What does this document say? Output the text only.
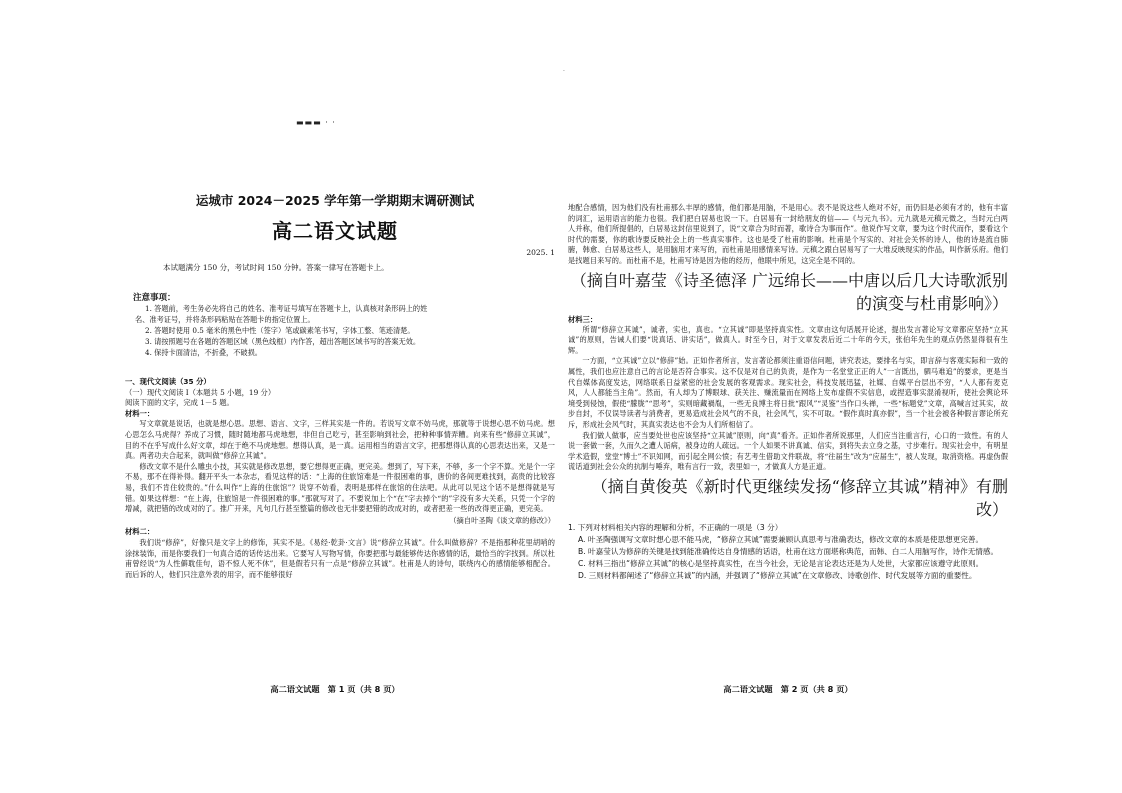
▬▬▬ · ·
·
运城市 2024－2025 学年第一学期期末调研测试
高二语文试题
2025. 1
本试题满分 150 分，考试时间 150 分钟。答案一律写在答题卡上。
注意事项：
1. 答题前，考生务必先将自己的姓名、准考证号填写在答题卡上，认真核对条形码上的姓
名、准考证号，并将条形码粘贴在答题卡的指定位置上。
2. 答题时使用 0.5 毫米的黑色中性（签字）笔或碳素笔书写，字体工整、笔迹清楚。
3. 请按照题号在各题的答题区域（黑色线框）内作答，超出答题区域书写的答案无效。
4. 保持卡面清洁，不折叠，不破损。
一、现代文阅读（35 分）
（一）现代文阅读 I（本题共 5 小题，19 分）
阅读下面的文字，完成 1－5 题。
材料一：

写文章就是说话，也就是想心思。思想、语言、文字，三样其实是一件的。若说写文章不妨马虎，那就等于说想心思不妨马虎。想心思怎么马虎得？养成了习惯，随时随地都马虎地想，非但自己吃亏，甚至影响到社会，把种种事情弄糟。向来有些“修辞立其诚”，目的不在乎写成什么好文章，却在于绝不马虎地想。想得认真，是一真。运用相当的语言文字，把那想得认真的心思表达出来，又是一真。两者功夫合起来，就叫做“修辞立其诚”。

修改文章不是什么雕虫小技，其实就是修改思想，要它想得更正确，更完美。想到了，写下来，不够，多一个字不算。光是个一字不易，那不在得补得。翻开平头一本杂志，看见这样的话：“上海的住旅馆难是一件很困难的事，唐价的各间更难找到，高贵的比较容易，我们不肯住较贵的。”什么叫作“上海的住旅馆”？说穿不妨看，表明是那样在旅馆的住法吧。从此可以见这个话不是想得就是写错。如果这样想：“在上海，住旅馆是一件很困难的事。”那就写对了。不要说加上个“在”字去掉个“的”字没有多大关系，只凭一个字的增减，就把错的改成对的了。推广开来，凡句几行甚至整篇的修改也无非要把错的改成对的，或者把差一些的改得更正确，更完美。

（摘自叶圣陶《谈文章的修改》）
材料二：

我们说“修辞”，好像只是文字上的修饰，其实不是。《易经·乾卦·文言》说“修辞立其诚”。什么叫做修辞？不是指那种花里胡哨的涂抹装饰，而是你要我们一句真合适的话传达出来。它要写人写物写情，你要把那与最能够传达你感情的话，最恰当的字找到。所以杜甫曾经说“为人性僻耽佳句，语不惊人死不休”，但是假若只有一点是“修辞立其诚”。杜甫是人的诗句，联绕内心的感情能够相配合。而后诉的人，他们只注意外表的用字，而不能够很好

高二语文试题　第 1 页（共 8 页）

地配合感情，因为他们没有杜甫那么丰厚的感情，他们都是用脑，不是用心。表不是说这些人绝对不好，而仍旧是必须有才的，他有丰富的词汇，运用语言的能力也很。我们把白居易也说一下。白居易有一封给朋友的信——《与元九书》。元九就是元稹元微之，当时元白两人并称，他们所提倡的，白居易这封信里说到了，说“文章合为时而著，歌诗合为事而作”。他说作写文章，要为这个时代而作，要看这个时代的需要，你的歌诗要反映社会上的一些真实事件。这也是受了杜甫的影响。杜甫是个写实的、对社会关怀的诗人，他的诗是流自肺腑，韩愈、白居易这些人，是用脑用才来写的，而杜甫是用感情来写诗。元稹之跟白居易写了一大堆反映现实的作品，叫作新乐府。他们是找题目来写的。而杜甫不是，杜甫写诗是因为他的经历，他眼中所见，这完全是不同的。

（摘自叶嘉莹《诗圣德泽 广远绵长——中唐以后几大诗歌派别的演变与杜甫影响》）
材料三：

所谓“修辞立其诚”，诚者，实也，真也。“立其诚”即是坚持真实性。文章由这句话展开论述，提出发言著论写文章都应坚持“立其诚”的原则，告诫人们要“说真话、讲实话”，做真人。时至今日，对于文章发表后近二十年的今天，张伯年先生的观点仍然显得很有生辉。

一方面，“立其诚”立以“修辞”始。正如作者所言，发言著论都须注重语信问题，讲究表达，要排名与实，即言辞与客观实际和一致的属性，我们也应注意自己的言论是否符合事实。这不仅是对自己的负责，是作为一名堂堂正正的人”一言既出，驷马难追”的要求，更是当代自媒体高度发达，网络联系日益紧密的社会发展的客观需求。现实社会，科技发展迅猛，社媒、自媒平台层出不穷，“人人都有麦克风，人人都能当主角”。然而，有人却为了博眼球、获关注、赚流量而在网络上发布虚假不实信息，或捏造事实混淆视听，使社会舆论环境受到侵蚀，假使“朦胧”“思考”，实则暗藏禍胤，一些无良博主将日批“跟风”“灵鉴”当作口头禅，一些“标题党”文章，高喊言过其实，故步自封，不仅误导读者与消费者，更易造成社会风气的不良，社会风气，实不可取。“假作真时真亦假”，当一个社会被各种假言谬论所充斥，形成社会风气时，其真实表达也不会为人们所相信了。

我们做人做事，应当要处世也应该坚持“立其诚”原则，向“真”看齐。正如作者所说那里，人们应当注重言行，心口的一致性。有的人说一套做一套，久而久之遭人诟病，被身边的人疏远。一个人如果不讲真诚、信实，到将失去立身之基，寸步难行。现实社会中，有明星学术造假，堂堂“博士”不识知网，而引起全网公愤；有艺考生借助文件联战，将“往届生”改为“应届生”，被人发现，取消资格。再虚伪假谎话道到社会公众的抗制与唾弃，唯有言行一致，表里如一，才做真人方是正道。

（摘自黄俊英《新时代更继续发扬“修辞立其诚”精神》有删改）
1. 下列对材料相关内容的理解和分析，不正确的一项是（3 分）
A. 叶圣陶强调写文章时想心思不能马虎，“修辞立其诚”需要兼顾认真思考与准确表达，修改文章的本质是使思想更完善。
B. 叶嘉莹认为修辞的关键是找到能准确传达自身情感的话语，杜甫在这方面堪称典范，而韩、白二人用脑写作，诗作无情感。
C. 材料三指出“修辞立其诚”的核心是坚持真实性，在当今社会，无论是言论表达还是为人处世，大家都应该遵守此原则。
D. 三则材料都阐述了“修辞立其诚”的内涵，并强调了“修辞立其诚”在文章修改、诗歌创作、时代发展等方面的重要性。
高二语文试题　第 2 页（共 8 页）
